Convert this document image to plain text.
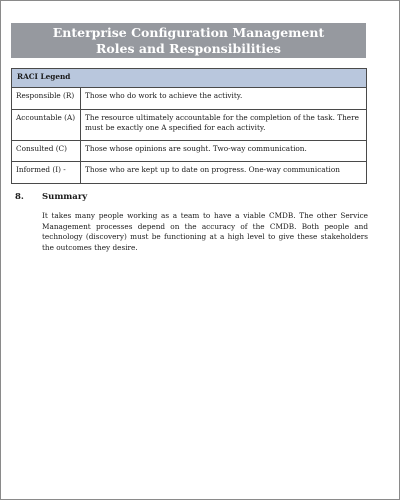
Enterprise Configuration Management
Roles and Responsibilities
RACI Legend	
Responsible (R)	Those who do work to achieve the activity.
Accountable (A)	The resource ultimately accountable for the completion of the task. There must be exactly one A specified for each activity.
Consulted (C)	Those whose opinions are sought. Two-way communication.
Informed (I) -	Those who are kept up to date on progress. One-way communication
8. Summary
It takes many people working as a team to have a viable CMDB. The other Service Management processes depend on the accuracy of the CMDB. Both people and technology (discovery) must be functioning at a high level to give these stakeholders the outcomes they desire.
